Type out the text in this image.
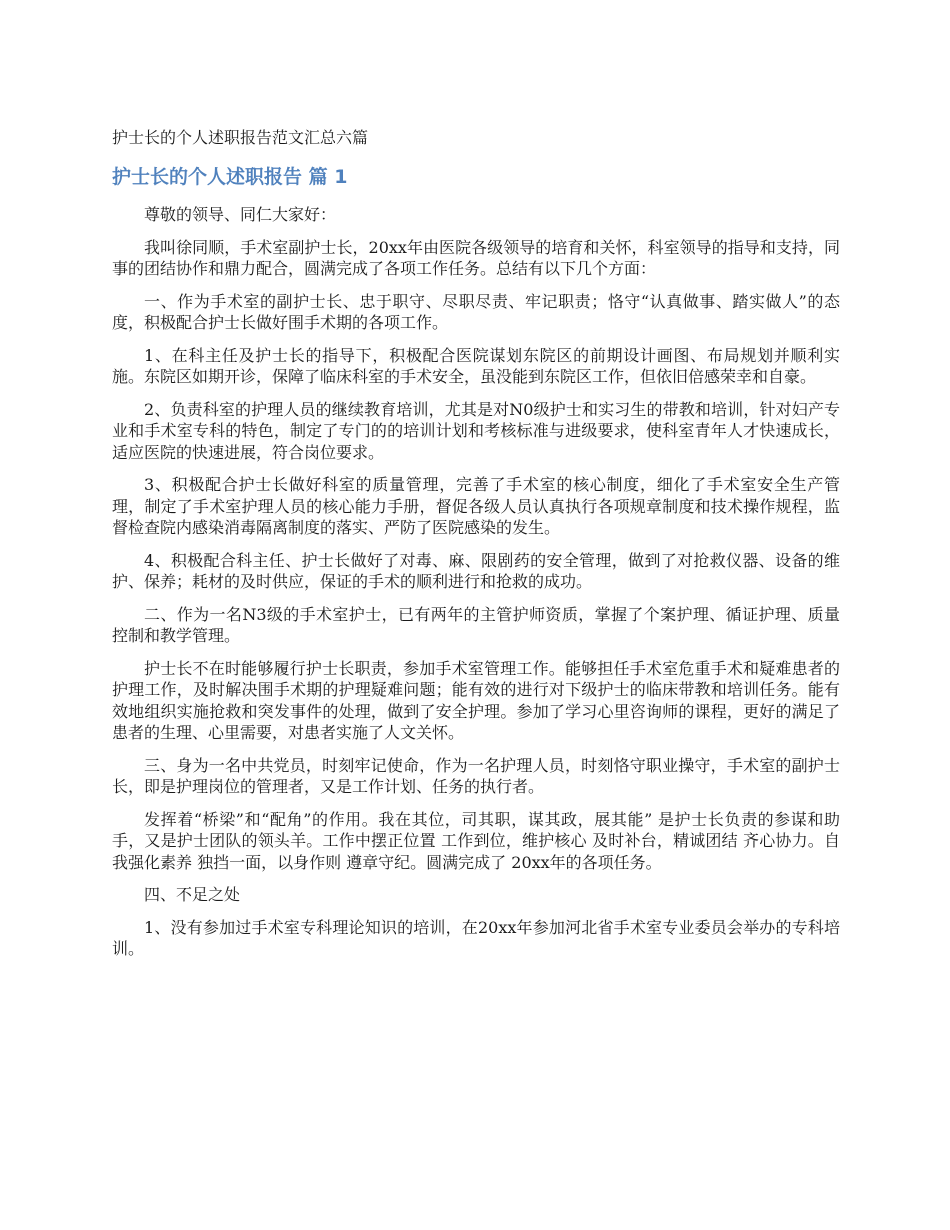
护士长的个人述职报告范文汇总六篇
护士长的个人述职报告 篇 1

尊敬的领导、同仁大家好：

我叫徐同顺，手术室副护士长，20xx年由医院各级领导的培育和关怀，科室领导的指导和支持，同事的团结协作和鼎力配合，圆满完成了各项工作任务。总结有以下几个方面：

一、作为手术室的副护士长、忠于职守、尽职尽责、牢记职责；恪守“认真做事、踏实做人”的态度，积极配合护士长做好围手术期的各项工作。

1、在科主任及护士长的指导下，积极配合医院谋划东院区的前期设计画图、布局规划并顺利实施。东院区如期开诊，保障了临床科室的手术安全，虽没能到东院区工作，但依旧倍感荣幸和自豪。

2、负责科室的护理人员的继续教育培训，尤其是对N0级护士和实习生的带教和培训，针对妇产专业和手术室专科的特色，制定了专门的的培训计划和考核标准与进级要求，使科室青年人才快速成长，适应医院的快速进展，符合岗位要求。

3、积极配合护士长做好科室的质量管理，完善了手术室的核心制度，细化了手术室安全生产管理，制定了手术室护理人员的核心能力手册，督促各级人员认真执行各项规章制度和技术操作规程，监督检查院内感染消毒隔离制度的落实、严防了医院感染的发生。

4、积极配合科主任、护士长做好了对毒、麻、限剧药的安全管理，做到了对抢救仪器、设备的维护、保养；耗材的及时供应，保证的手术的顺利进行和抢救的成功。

二、作为一名N3级的手术室护士，已有两年的主管护师资质，掌握了个案护理、循证护理、质量控制和教学管理。

护士长不在时能够履行护士长职责，参加手术室管理工作。能够担任手术室危重手术和疑难患者的护理工作，及时解决围手术期的护理疑难问题；能有效的进行对下级护士的临床带教和培训任务。能有效地组织实施抢救和突发事件的处理，做到了安全护理。参加了学习心里咨询师的课程，更好的满足了患者的生理、心里需要，对患者实施了人文关怀。

三、身为一名中共党员，时刻牢记使命，作为一名护理人员，时刻恪守职业操守，手术室的副护士长，即是护理岗位的管理者，又是工作计划、任务的执行者。

发挥着“桥梁”和“配角”的作用。我在其位，司其职，谋其政，展其能” 是护士长负责的参谋和助手，又是护士团队的领头羊。工作中摆正位置 工作到位，维护核心 及时补台，精诚团结 齐心协力。自我强化素养 独挡一面，以身作则 遵章守纪。圆满完成了 20xx年的各项任务。

四、不足之处

1、没有参加过手术室专科理论知识的培训，在20xx年参加河北省手术室专业委员会举办的专科培训。
